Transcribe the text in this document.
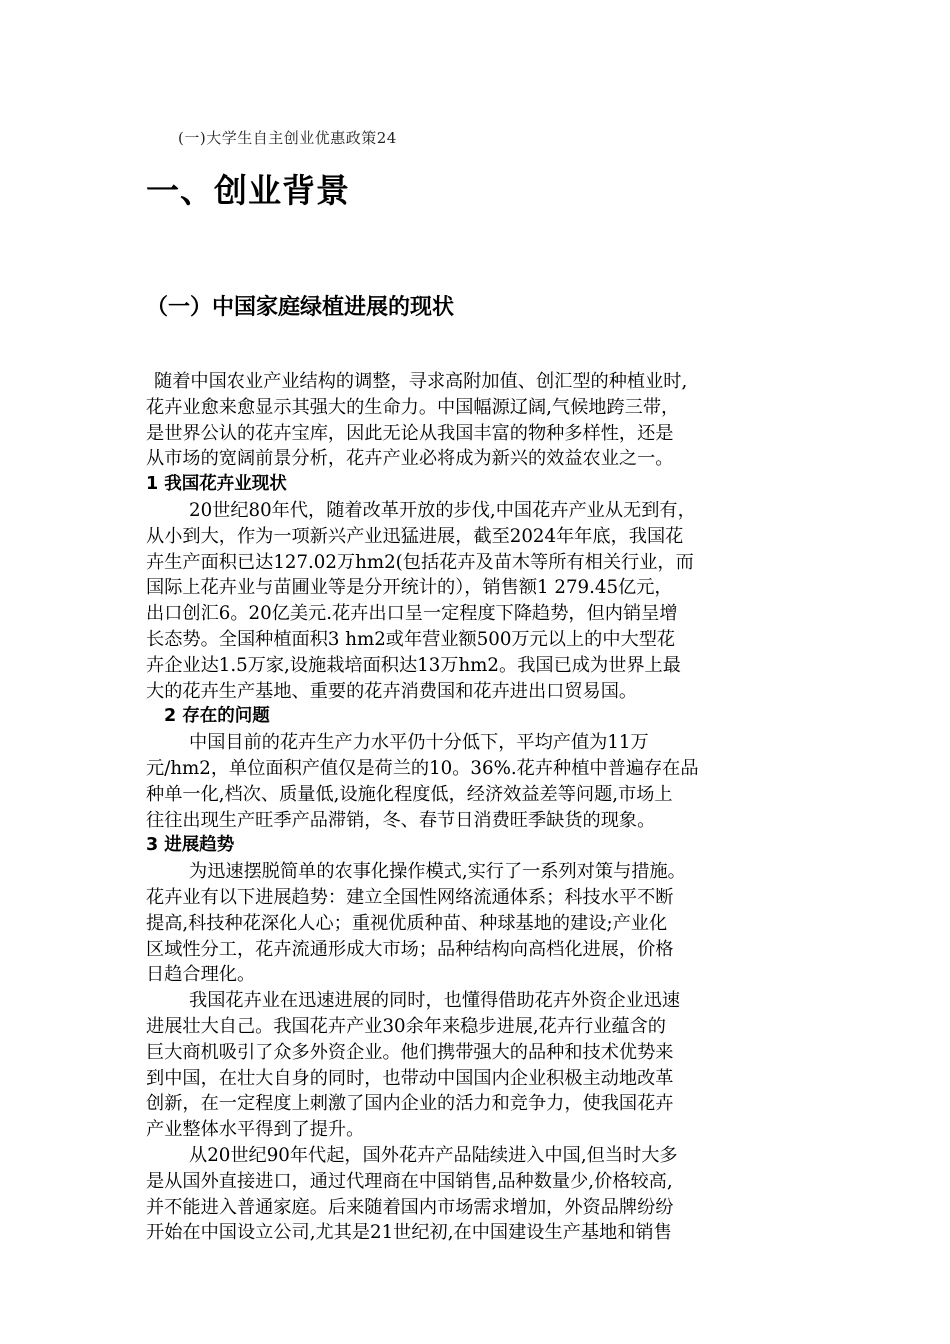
(一)大学生自主创业优惠政策24
一、创业背景
（一）中国家庭绿植进展的现状
随着中国农业产业结构的调整，寻求高附加值、创汇型的种植业时,
花卉业愈来愈显示其强大的生命力。中国幅源辽阔,气候地跨三带，
是世界公认的花卉宝库，因此无论从我国丰富的物种多样性，还是
从市场的宽阔前景分析，花卉产业必将成为新兴的效益农业之一。
1 我国花卉业现状
20世纪80年代，随着改革开放的步伐,中国花卉产业从无到有，
从小到大，作为一项新兴产业迅猛进展，截至2024年年底，我国花
卉生产面积已达127.02万hm2(包括花卉及苗木等所有相关行业，而
国际上花卉业与苗圃业等是分开统计的），销售额1 279.45亿元，
出口创汇6。20亿美元.花卉出口呈一定程度下降趋势，但内销呈增
长态势。全国种植面积3 hm2或年营业额500万元以上的中大型花
卉企业达1.5万家,设施栽培面积达13万hm2。我国已成为世界上最
大的花卉生产基地、重要的花卉消费国和花卉进出口贸易国。
2 存在的问题
中国目前的花卉生产力水平仍十分低下，平均产值为11万
元/hm2，单位面积产值仅是荷兰的10。36%.花卉种植中普遍存在品
种单一化,档次、质量低,设施化程度低，经济效益差等问题,市场上
往往出现生产旺季产品滞销，冬、春节日消费旺季缺货的现象。
3 进展趋势
为迅速摆脱简单的农事化操作模式,实行了一系列对策与措施。
花卉业有以下进展趋势：建立全国性网络流通体系；科技水平不断
提高,科技种花深化人心；重视优质种苗、种球基地的建设;产业化
区域性分工，花卉流通形成大市场；品种结构向高档化进展，价格
日趋合理化。
我国花卉业在迅速进展的同时，也懂得借助花卉外资企业迅速
进展壮大自己。我国花卉产业30余年来稳步进展,花卉行业蕴含的
巨大商机吸引了众多外资企业。他们携带强大的品种和技术优势来
到中国，在壮大自身的同时，也带动中国国内企业积极主动地改革
创新，在一定程度上刺激了国内企业的活力和竞争力，使我国花卉
产业整体水平得到了提升。
从20世纪90年代起，国外花卉产品陆续进入中国,但当时大多
是从国外直接进口，通过代理商在中国销售,品种数量少,价格较高,
并不能进入普通家庭。后来随着国内市场需求增加，外资品牌纷纷
开始在中国设立公司,尤其是21世纪初,在中国建设生产基地和销售
